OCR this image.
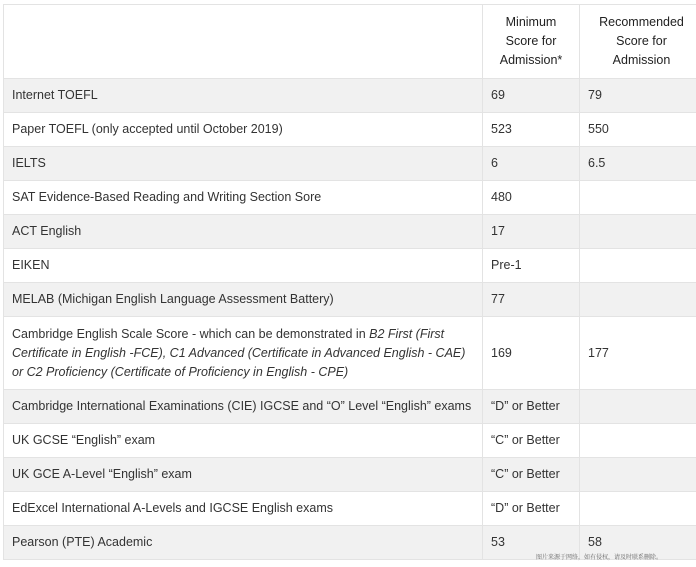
	Minimum
Score for
Admission*	Recommended
Score for
Admission

Internet TOEFL	69	79
Paper TOEFL (only accepted until October 2019)	523	550
IELTS	6	6.5
SAT Evidence-Based Reading and Writing Section Sore	480	
ACT English	17	
EIKEN	Pre-1	
MELAB (Michigan English Language Assessment Battery)	77	
Cambridge English Scale Score - which can be demonstrated in B2 First (First Certificate in English -FCE), C1 Advanced (Certificate in Advanced English - CAE) or C2 Proficiency (Certificate of Proficiency in English - CPE)	169	177
Cambridge International Examinations (CIE) IGCSE and “O” Level “English” exams	“D” or Better	
UK GCSE “English” exam	“C” or Better	
UK GCE A-Level “English” exam	“C” or Better	
EdExcel International A-Levels and IGCSE English exams	“D” or Better	
Pearson (PTE) Academic	53	58
图片来源于网络，如有侵权，请及时联系删除。
